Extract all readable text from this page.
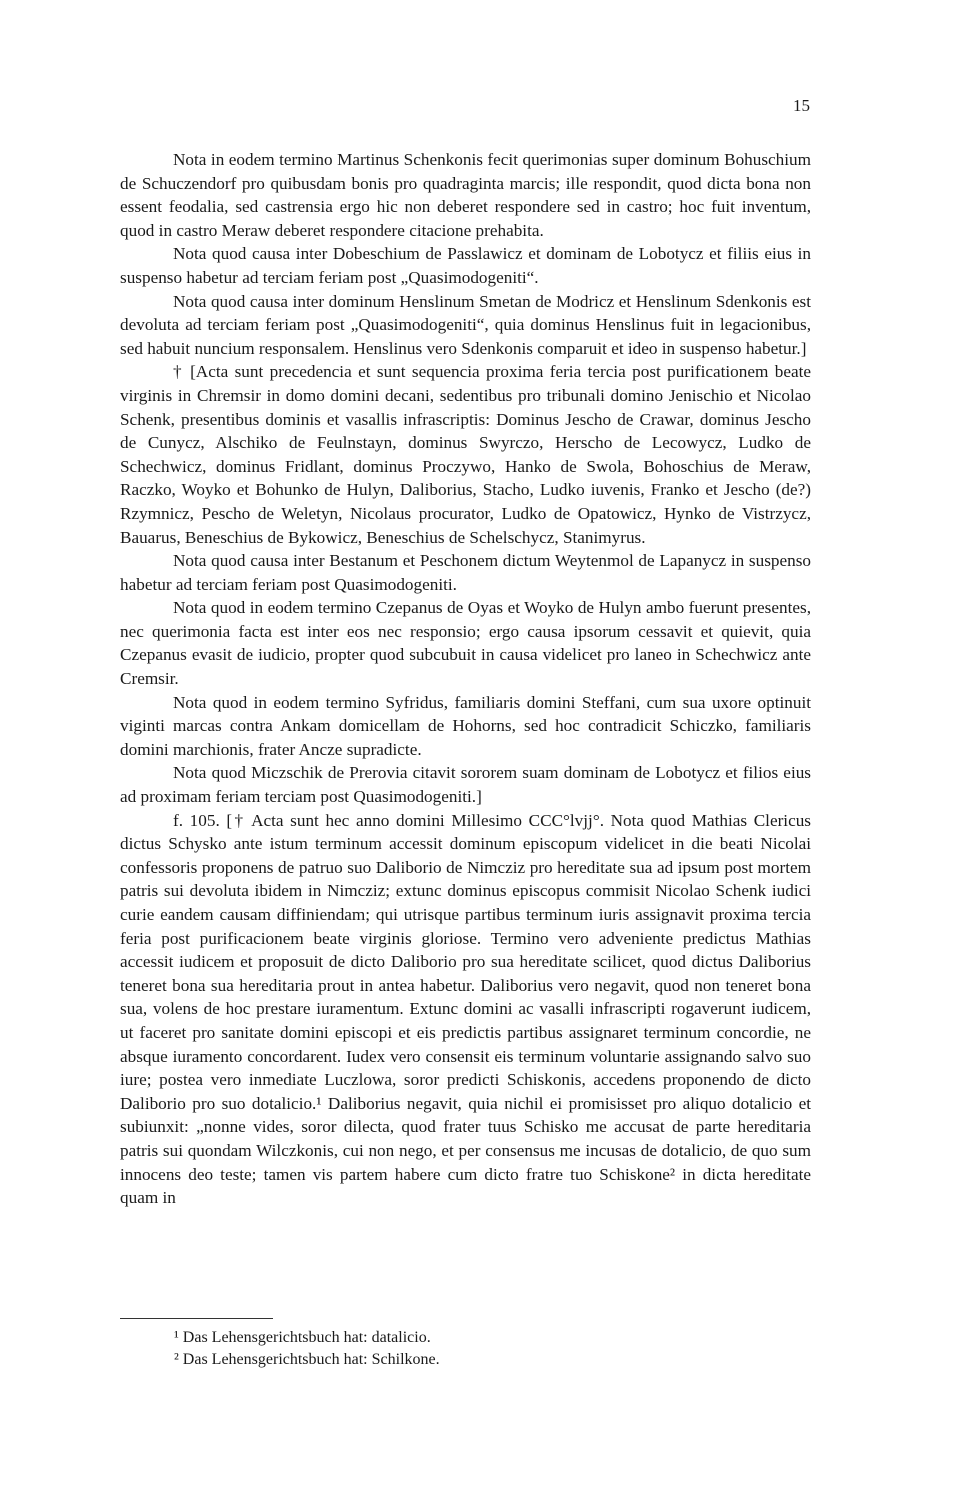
15

Nota in eodem termino Martinus Schenkonis fecit querimonias super dominum Bohuschium de Schuczendorf pro quibusdam bonis pro quadraginta marcis; ille respondit, quod dicta bona non essent feodalia, sed castrensia ergo hic non deberet respondere sed in castro; hoc fuit inventum, quod in castro Meraw deberet respondere citacione prehabita.

Nota quod causa inter Dobeschium de Passlawicz et dominam de Lobotycz et filiis eius in suspenso habetur ad terciam feriam post „Quasimodogeniti“.

Nota quod causa inter dominum Henslinum Smetan de Modricz et Henslinum Sdenkonis est devoluta ad terciam feriam post „Quasimodogeniti“, quia dominus Henslinus fuit in legacionibus, sed habuit nuncium responsalem. Henslinus vero Sdenkonis comparuit et ideo in suspenso habetur.]

† [Acta sunt precedencia et sunt sequencia proxima feria tercia post purificationem beate virginis in Chremsir in domo domini decani, sedentibus pro tribunali domino Jenischio et Nicolao Schenk, presentibus dominis et vasallis infrascriptis: Dominus Jescho de Crawar, dominus Jescho de Cunycz, Alschiko de Feulnstayn, dominus Swyrczo, Herscho de Lecowycz, Ludko de Schechwicz, dominus Fridlant, dominus Proczywo, Hanko de Swola, Bohoschius de Meraw, Raczko, Woyko et Bohunko de Hulyn, Daliborius, Stacho, Ludko iuvenis, Franko et Jescho (de?) Rzymnicz, Pescho de Weletyn, Nicolaus procurator, Ludko de Opatowicz, Hynko de Vistrzycz, Bauarus, Beneschius de Bykowicz, Beneschius de Schelschycz, Stanimyrus.

Nota quod causa inter Bestanum et Peschonem dictum Weytenmol de Lapanycz in suspenso habetur ad terciam feriam post Quasimodogeniti.

Nota quod in eodem termino Czepanus de Oyas et Woyko de Hulyn ambo fuerunt presentes, nec querimonia facta est inter eos nec responsio; ergo causa ipsorum cessavit et quievit, quia Czepanus evasit de iudicio, propter quod subcubuit in causa videlicet pro laneo in Schechwicz ante Cremsir.

Nota quod in eodem termino Syfridus, familiaris domini Steffani, cum sua uxore optinuit viginti marcas contra Ankam domicellam de Hohorns, sed hoc contradicit Schiczko, familiaris domini marchionis, frater Ancze supradicte.

Nota quod Miczschik de Prerovia citavit sororem suam dominam de Lobotycz et filios eius ad proximam feriam terciam post Quasimodogeniti.]

f. 105. [† Acta sunt hec anno domini Millesimo CCC°lvjj°. Nota quod Mathias Clericus dictus Schysko ante istum terminum accessit dominum episcopum videlicet in die beati Nicolai confessoris proponens de patruo suo Daliborio de Nimcziz pro hereditate sua ad ipsum post mortem patris sui devoluta ibidem in Nimcziz; extunc dominus episcopus commisit Nicolao Schenk iudici curie eandem causam diffiniendam; qui utrisque partibus terminum iuris assignavit proxima tercia feria post purificacionem beate virginis gloriose. Termino vero adveniente predictus Mathias accessit iudicem et proposuit de dicto Daliborio pro sua hereditate scilicet, quod dictus Daliborius teneret bona sua hereditaria prout in antea habetur. Daliborius vero negavit, quod non teneret bona sua, volens de hoc prestare iuramentum. Extunc domini ac vasalli infrascripti rogaverunt iudicem, ut faceret pro sanitate domini episcopi et eis predictis partibus assignaret terminum concordie, ne absque iuramento concordarent. Iudex vero consensit eis terminum voluntarie assignando salvo suo iure; postea vero inmediate Luczlowa, soror predicti Schiskonis, accedens proponendo de dicto Daliborio pro suo dotalicio.¹ Daliborius negavit, quia nichil ei promisisset pro aliquo dotalicio et subiunxit: „nonne vides, soror dilecta, quod frater tuus Schisko me accusat de parte hereditaria patris sui quondam Wilczkonis, cui non nego, et per consensus me incusas de dotalicio, de quo sum innocens deo teste; tamen vis partem habere cum dicto fratre tuo Schiskone² in dicta hereditate quam in

¹ Das Lehensgerichtsbuch hat: datalicio.

² Das Lehensgerichtsbuch hat: Schilkone.
